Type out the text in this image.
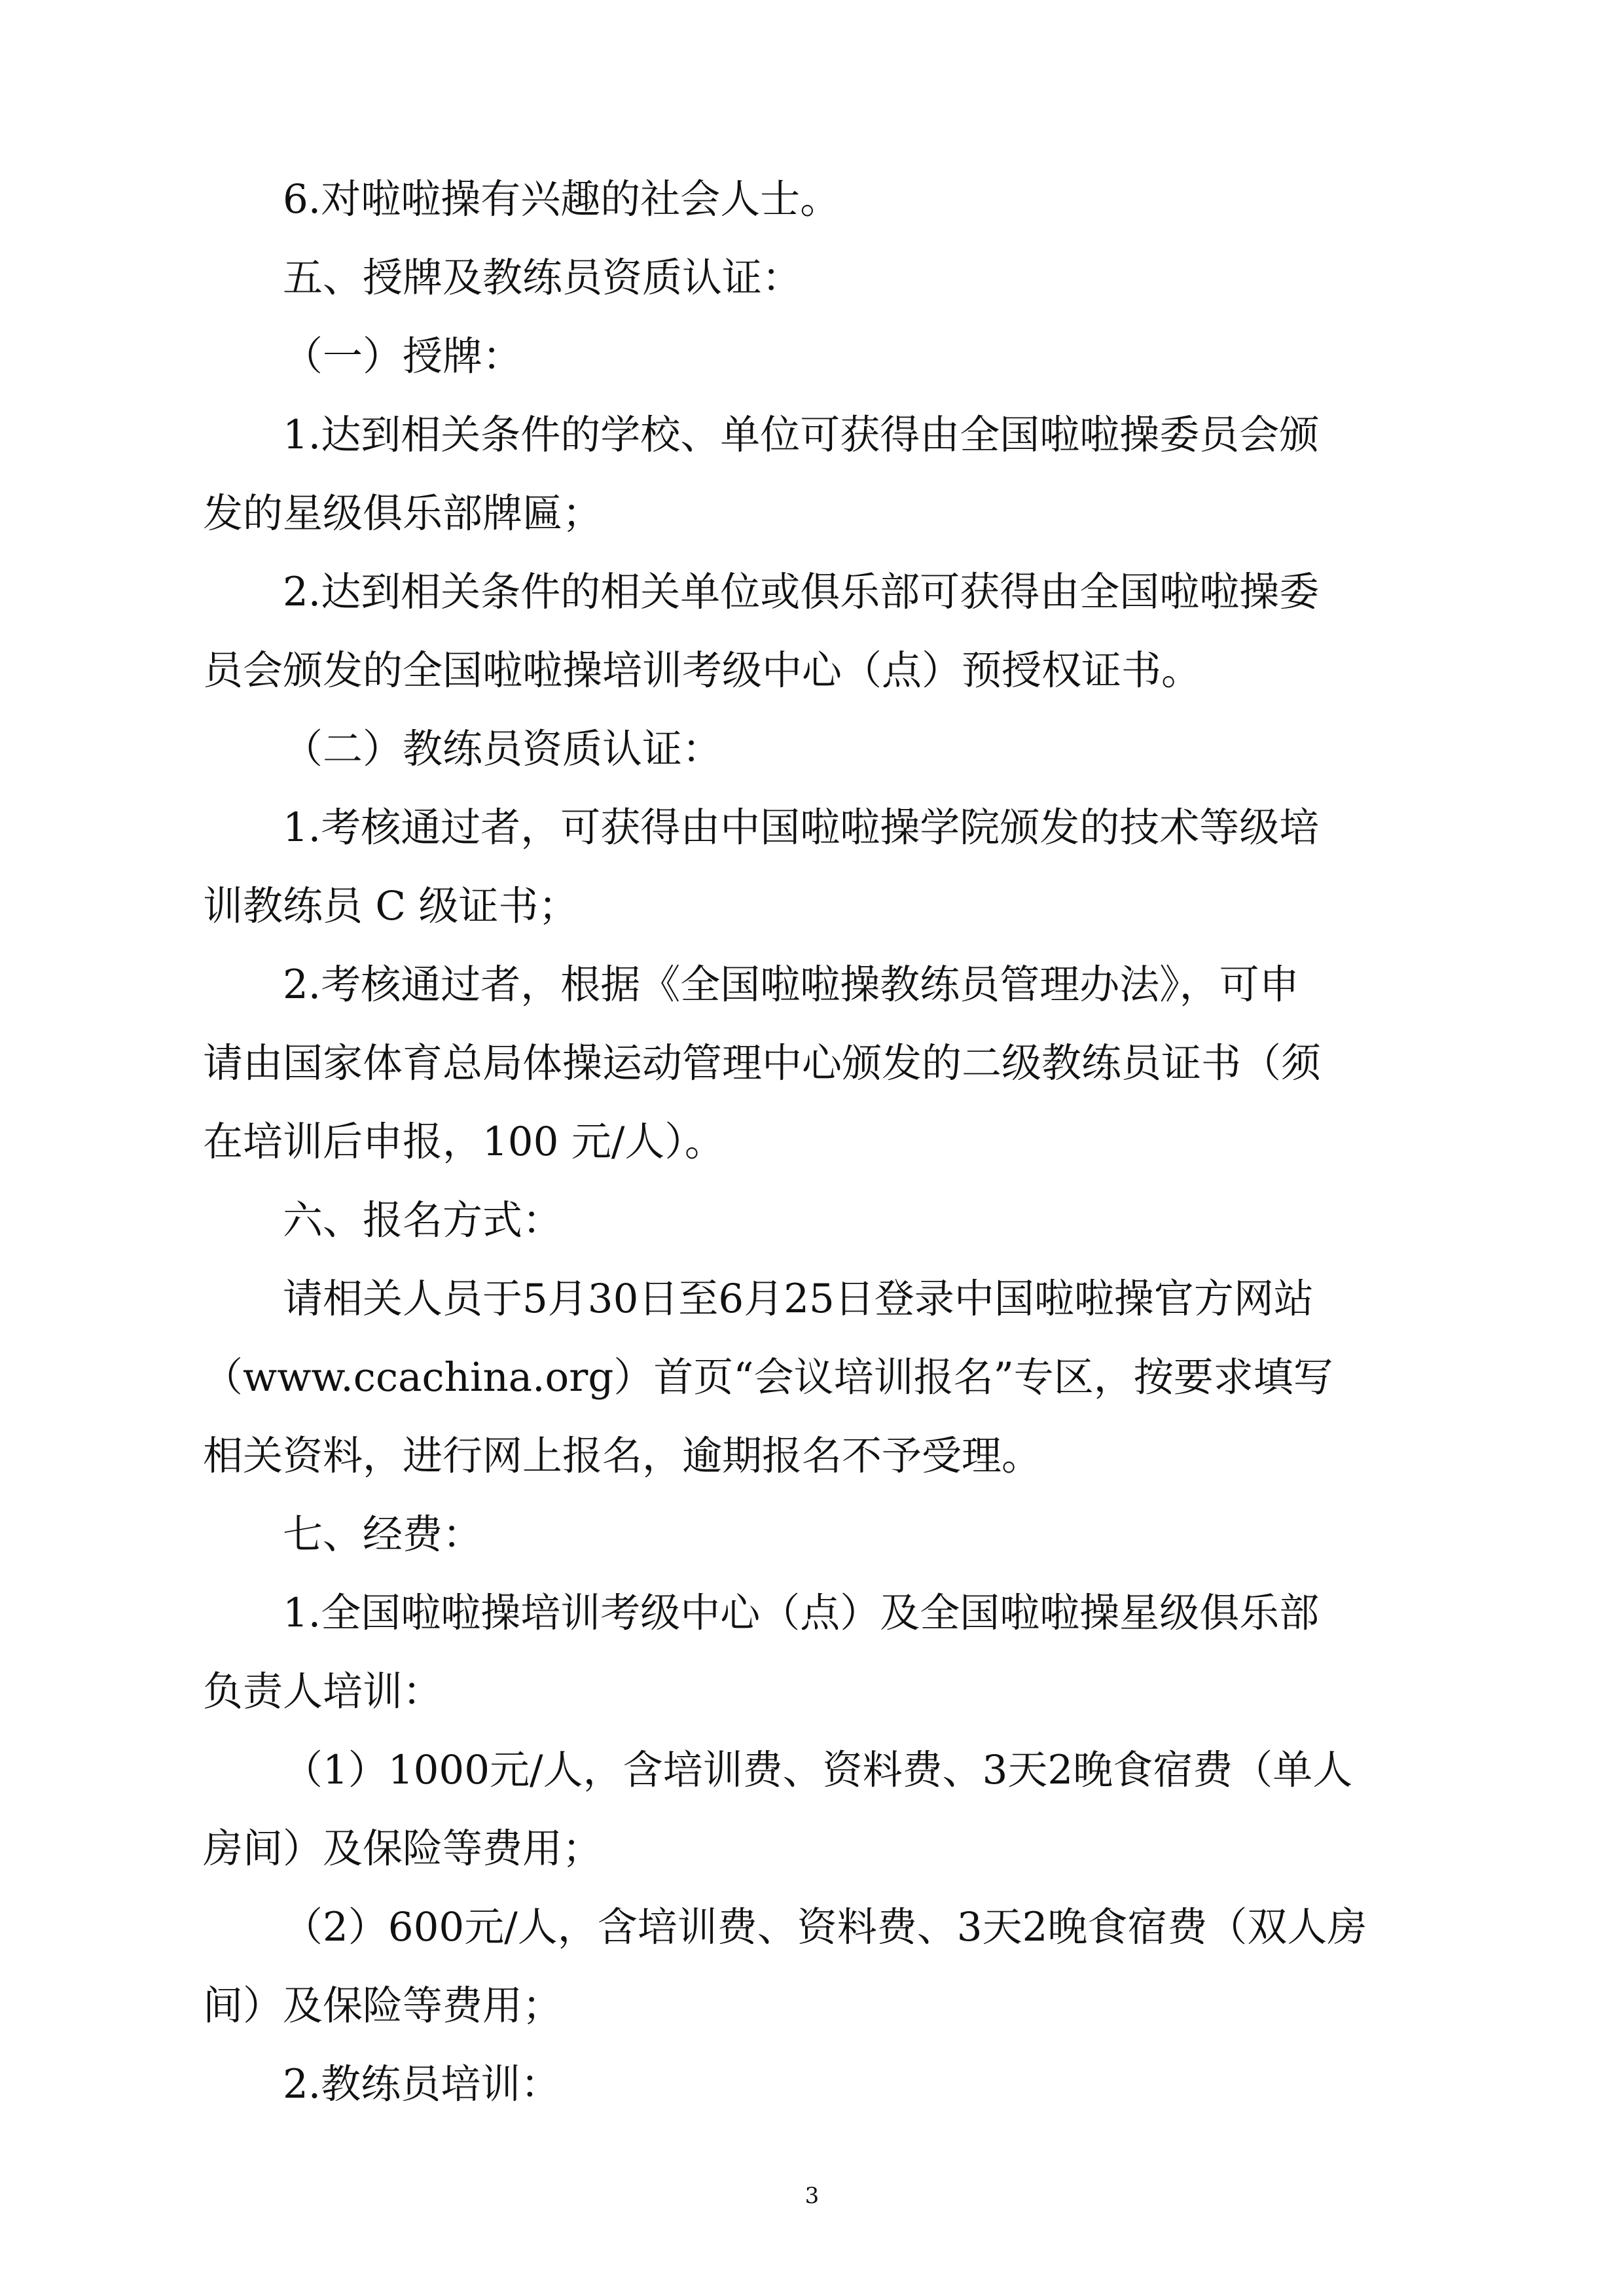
6.对啦啦操有兴趣的社会人士。
五、授牌及教练员资质认证：
（一）授牌：
1.达到相关条件的学校、单位可获得由全国啦啦操委员会颁
发的星级俱乐部牌匾；
2.达到相关条件的相关单位或俱乐部可获得由全国啦啦操委
员会颁发的全国啦啦操培训考级中心（点）预授权证书。
（二）教练员资质认证：
1.考核通过者，可获得由中国啦啦操学院颁发的技术等级培
训教练员 C 级证书；
2.考核通过者，根据《全国啦啦操教练员管理办法》，可申
请由国家体育总局体操运动管理中心颁发的二级教练员证书（须
在培训后申报，100 元/人）。
六、报名方式：
请相关人员于5月30日至6月25日登录中国啦啦操官方网站
（www.ccachina.org）首页“会议培训报名”专区，按要求填写
相关资料，进行网上报名，逾期报名不予受理。
七、经费：
1.全国啦啦操培训考级中心（点）及全国啦啦操星级俱乐部
负责人培训：
（1）1000元/人，含培训费、资料费、3天2晚食宿费（单人
房间）及保险等费用；
（2）600元/人，含培训费、资料费、3天2晚食宿费（双人房
间）及保险等费用；
2.教练员培训：
3
